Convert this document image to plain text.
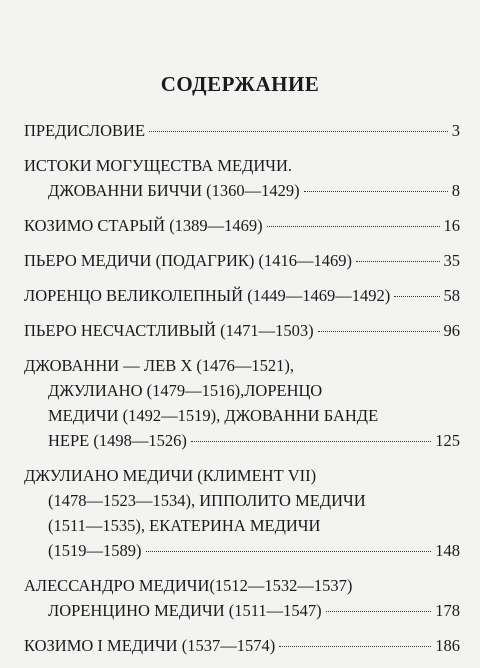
СОДЕРЖАНИЕ
ПРЕДИСЛОВИЕ	3
ИСТОКИ МОГУЩЕСТВА МЕДИЧИ.
ДЖОВАННИ БИЧЧИ (1360—1429)	8
КОЗИМО СТАРЫЙ (1389—1469)	16
ПЬЕРО МЕДИЧИ (ПОДАГРИК) (1416—1469)	35
ЛОРЕНЦО ВЕЛИКОЛЕПНЫЙ (1449—1469—1492)	58
ПЬЕРО НЕСЧАСТЛИВЫЙ (1471—1503)	96
ДЖОВАННИ — ЛЕВ X (1476—1521),
ДЖУЛИАНО (1479—1516),ЛОРЕНЦО
МЕДИЧИ (1492—1519), ДЖОВАННИ БАНДЕ
НЕРЕ (1498—1526)	125
ДЖУЛИАНО МЕДИЧИ (КЛИМЕНТ VII)
(1478—1523—1534), ИППОЛИТО МЕДИЧИ
(1511—1535), ЕКАТЕРИНА МЕДИЧИ
(1519—1589)	148
АЛЕССАНДРО МЕДИЧИ(1512—1532—1537)
ЛОРЕНЦИНО МЕДИЧИ (1511—1547)	178
КОЗИМО I МЕДИЧИ (1537—1574)	186
